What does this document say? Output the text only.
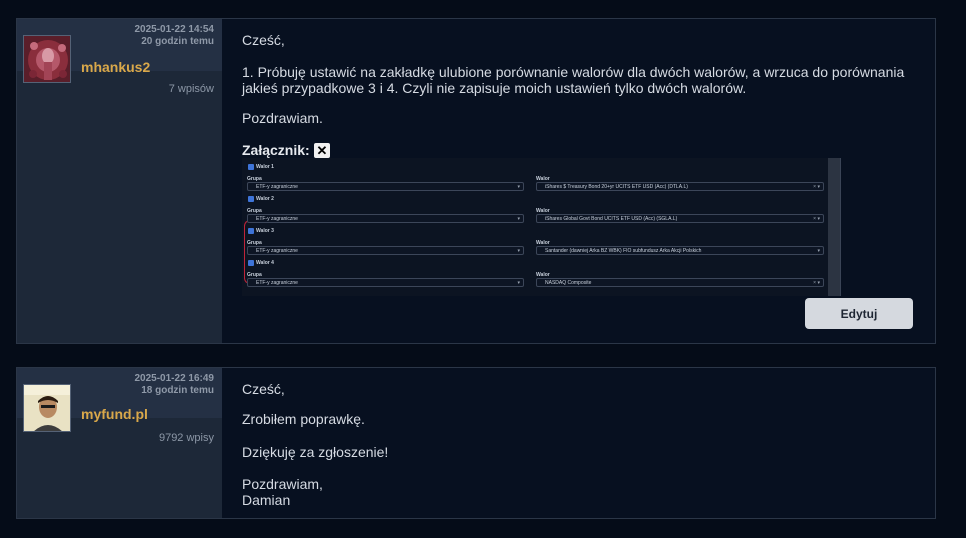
2025-01-22 14:54
20 godzin temu
mhankus2
7 wpisów
Cześć,
1. Próbuję ustawić na zakładkę ulubione porównanie walorów dla dwóch walorów, a wrzuca do porównania jakieś przypadkowe 3 i 4. Czyli nie zapisuje moich ustawień tylko dwóch walorów.
Pozdrawiam.
Załącznik: ✕
Walor 1
Grupa	Walor
ETF-y zagraniczne	▾	iShares $ Treasury Bond 20+yr UCITS ETF USD (Acc) (DTLA.L)	× ▾
Walor 2
Grupa	Walor
ETF-y zagraniczne	▾	iShares Global Govt Bond UCITS ETF USD (Acc) (SGLA.L)	× ▾
Walor 3
Grupa	Walor
ETF-y zagraniczne	▾	Santander (dawniej Arka BZ WBK) FIO subfundusz Arka Akcji Polskich	▾
Walor 4
Grupa	Walor
ETF-y zagraniczne	▾	NASDAQ Composite	× ▾
Edytuj
2025-01-22 16:49
18 godzin temu
myfund.pl
9792 wpisy
Cześć,
Zrobiłem poprawkę.
Dziękuję za zgłoszenie!
Pozdrawiam,
Damian
